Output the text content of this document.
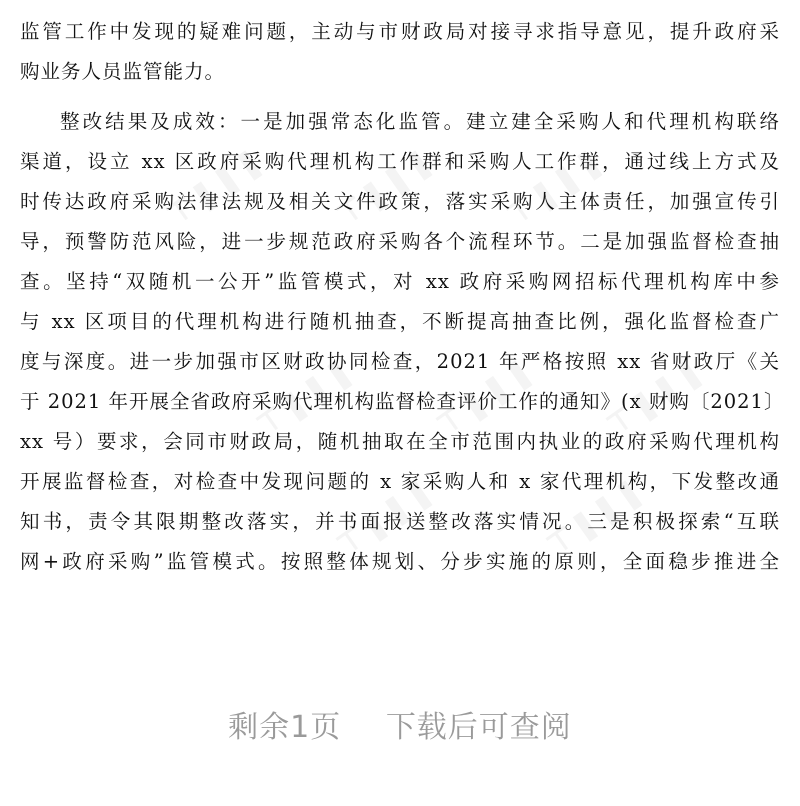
⊤❚❚❚ ⊤❚❚❚ ⊤❚❚❚
⊤❚❚❚ ⊤❚❚❚ ⊤❚❚❚
⊤❚❚❚	⊤❚❚❚
监管工作中发现的疑难问题，主动与市财政局对接寻求指导意见，提升政府采
购业务人员监管能力。
整改结果及成效：一是加强常态化监管。建立建全采购人和代理机构联络
渠道，设立 xx 区政府采购代理机构工作群和采购人工作群，通过线上方式及
时传达政府采购法律法规及相关文件政策，落实采购人主体责任，加强宣传引
导，预警防范风险，进一步规范政府采购各个流程环节。二是加强监督检查抽
查。坚持“双随机一公开”监管模式，对 xx 政府采购网招标代理机构库中参
与 xx 区项目的代理机构进行随机抽查，不断提高抽查比例，强化监督检查广
度与深度。进一步加强市区财政协同检查，2021 年严格按照 xx 省财政厅《关
于 2021 年开展全省政府采购代理机构监督检查评价工作的通知》(x 财购〔2021〕
xx 号）要求，会同市财政局，随机抽取在全市范围内执业的政府采购代理机构
开展监督检查，对检查中发现问题的 x 家采购人和 x 家代理机构，下发整改通
知书，责令其限期整改落实，并书面报送整改落实情况。三是积极探索“互联
网+政府采购”监管模式。按照整体规划、分步实施的原则，全面稳步推进全
剩余1页 下载后可查阅
